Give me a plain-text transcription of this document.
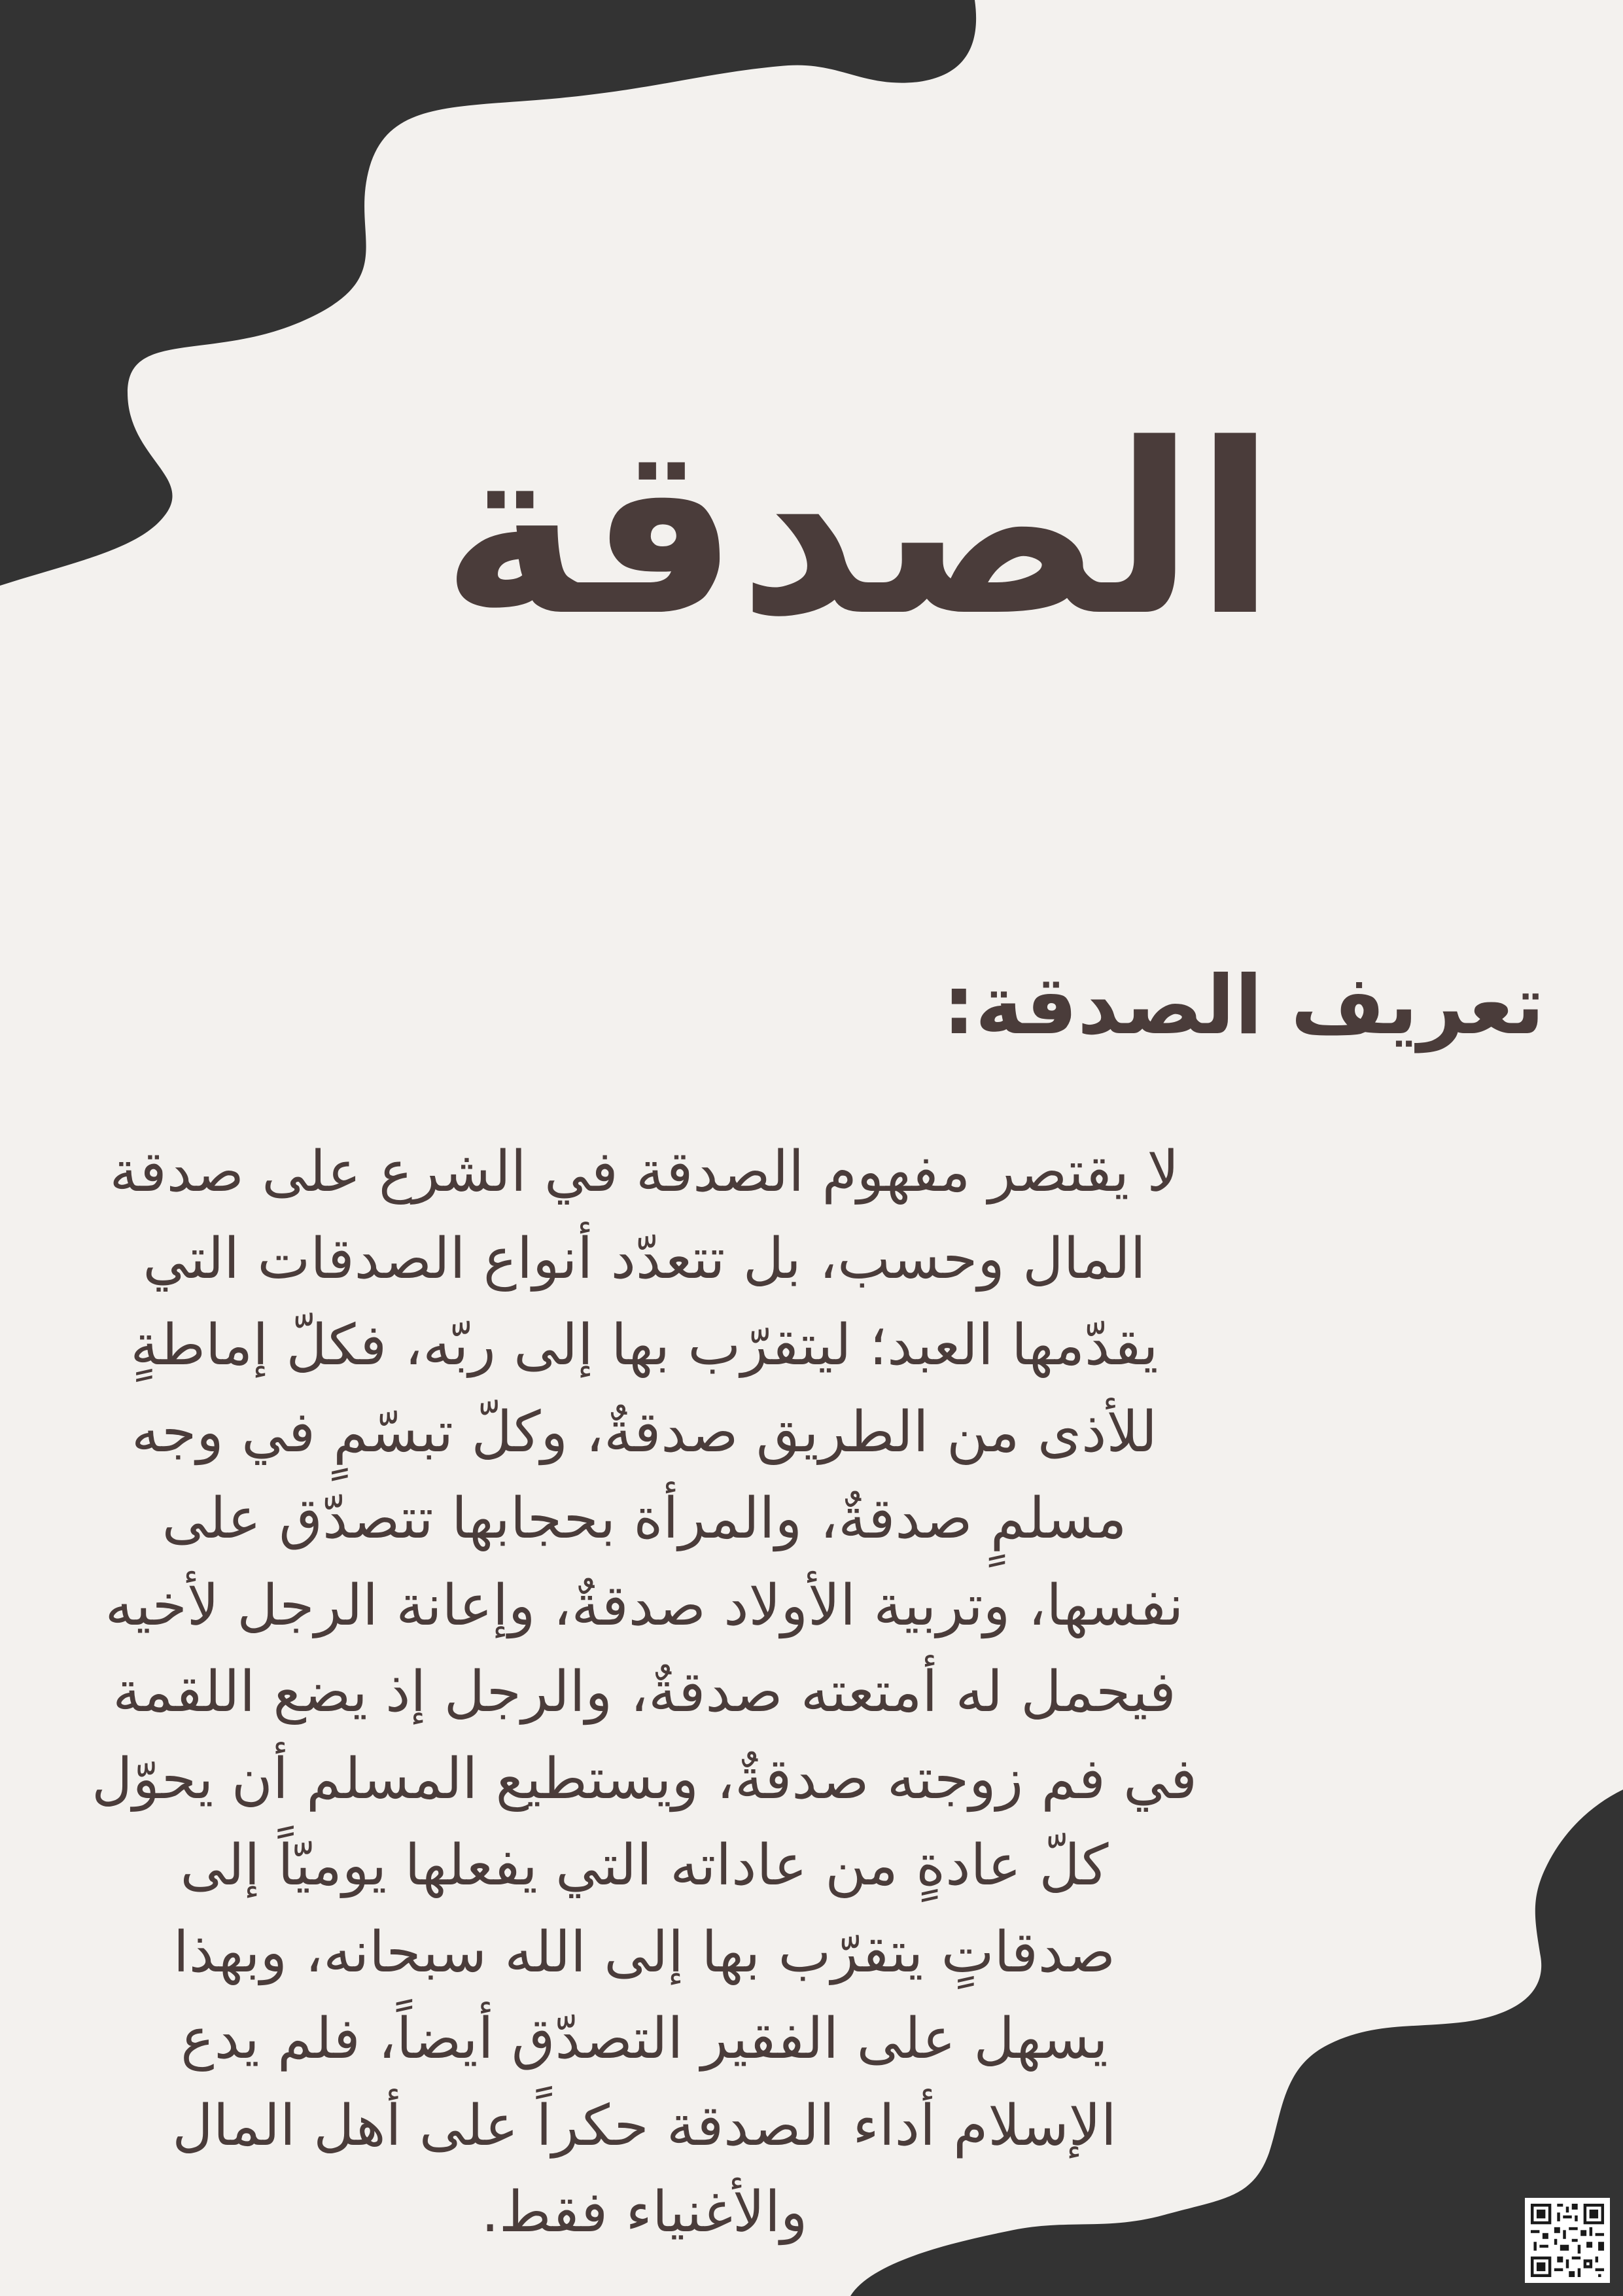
الصدقة
تعريف الصدقة:
لا يقتصر مفهوم الصدقة في الشرع على صدقة
المال وحسب، بل تتعدّد أنواع الصدقات التي
يقدّمها العبد؛ ليتقرّب بها إلى ربّه، فكلّ إماطةٍ
للأذى من الطريق صدقةٌ، وكلّ تبسّمٍ في وجه
مسلمٍ صدقةٌ، والمرأة بحجابها تتصدّق على
نفسها، وتربية الأولاد صدقةٌ، وإعانة الرجل لأخيه
فيحمل له أمتعته صدقةٌ، والرجل إذ يضع اللقمة
في فم زوجته صدقةٌ، ويستطيع المسلم أن يحوّل
كلّ عادةٍ من عاداته التي يفعلها يوميّاً إلى
صدقاتٍ يتقرّب بها إلى الله سبحانه، وبهذا
يسهل على الفقير التصدّق أيضاً، فلم يدع
الإسلام أداء الصدقة حكراً على أهل المال
والأغنياء فقط.
